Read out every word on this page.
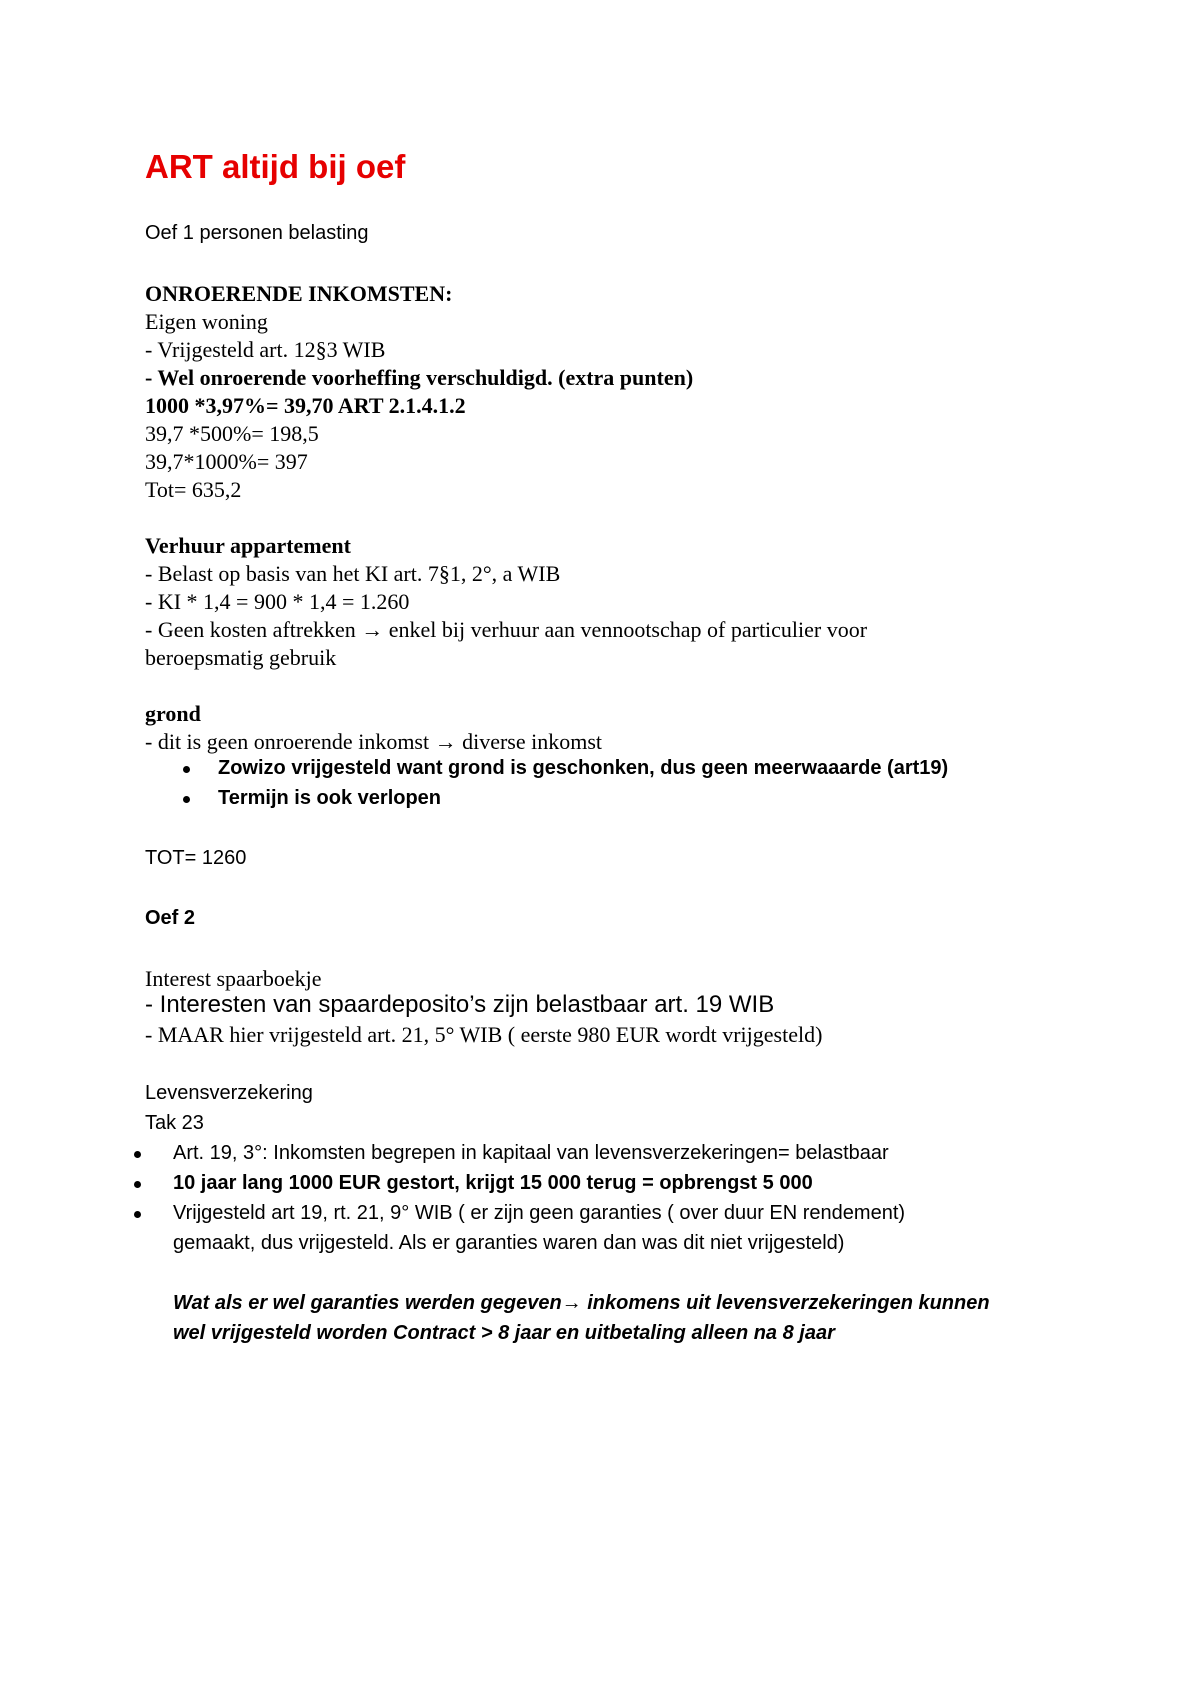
ART altijd bij oef
Oef 1 personen belasting
ONROERENDE INKOMSTEN:
Eigen woning
- Vrijgesteld art. 12§3 WIB
- Wel onroerende voorheffing verschuldigd. (extra punten)
1000 *3,97%= 39,70 ART 2.1.4.1.2
39,7 *500%= 198,5
39,7*1000%= 397
Tot= 635,2
Verhuur appartement
- Belast op basis van het KI art. 7§1, 2°, a WIB
- KI * 1,4 = 900 * 1,4 = 1.260
- Geen kosten aftrekken → enkel bij verhuur aan vennootschap of particulier voor
beroepsmatig gebruik
grond
- dit is geen onroerende inkomst → diverse inkomst
Zowizo vrijgesteld want grond is geschonken, dus geen meerwaaarde (art19)
Termijn is ook verlopen
TOT= 1260
Oef 2
Interest spaarboekje
- Interesten van spaardeposito’s zijn belastbaar art. 19 WIB
- MAAR hier vrijgesteld art. 21, 5° WIB ( eerste 980 EUR wordt vrijgesteld)
Levensverzekering
Tak 23
Art. 19, 3°: Inkomsten begrepen in kapitaal van levensverzekeringen= belastbaar
10 jaar lang 1000 EUR gestort, krijgt 15 000 terug = opbrengst 5 000
Vrijgesteld art 19, rt. 21, 9° WIB ( er zijn geen garanties ( over duur EN rendement)
gemaakt, dus vrijgesteld. Als er garanties waren dan was dit niet vrijgesteld)
Wat als er wel garanties werden gegeven→ inkomens uit levensverzekeringen kunnen
wel vrijgesteld worden Contract > 8 jaar en uitbetaling alleen na 8 jaar
